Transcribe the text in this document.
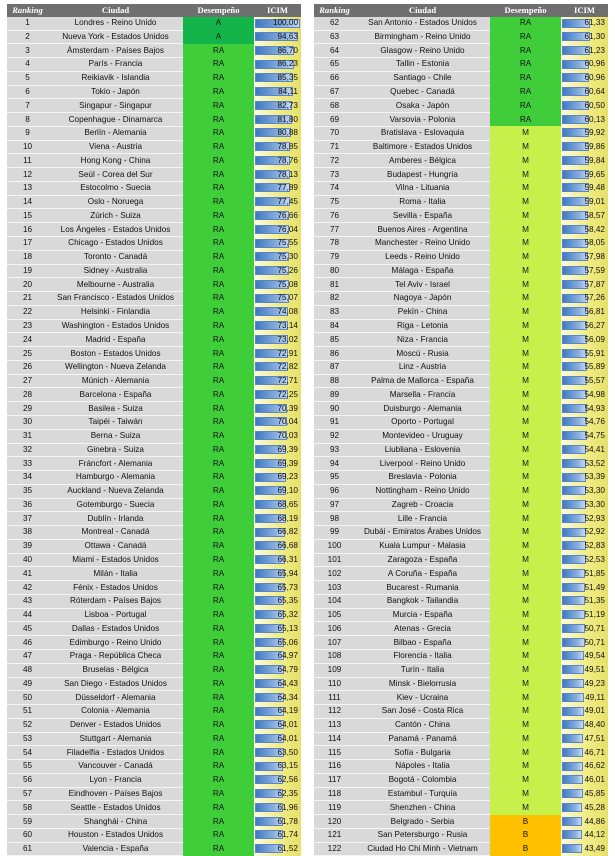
Ranking	Ciudad	Desempeño	ICIM
1	Londres - Reino Unido	A	100,00
2	Nueva York - Estados Unidos	A	94,63
3	Ámsterdam - Países Bajos	RA	86,70
4	París - Francia	RA	86,23
5	Reikiavik - Islandia	RA	85,35
6	Tokio - Japón	RA	84,11
7	Singapur - Singapur	RA	82,73
8	Copenhague - Dinamarca	RA	81,80
9	Berlín - Alemania	RA	80,88
10	Viena - Austria	RA	78,85
11	Hong Kong - China	RA	78,76
12	Seúl - Corea del Sur	RA	78,13
13	Estocolmo - Suecia	RA	77,89
14	Oslo - Noruega	RA	77,45
15	Zúrich - Suiza	RA	76,66
16	Los Ángeles - Estados Unidos	RA	76,04
17	Chicago - Estados Unidos	RA	75,55
18	Toronto - Canadá	RA	75,30
19	Sidney - Australia	RA	75,26
20	Melbourne - Australia	RA	75,08
21	San Francisco - Estados Unidos	RA	75,07
22	Helsinki - Finlandia	RA	74,08
23	Washington - Estados Unidos	RA	73,14
24	Madrid - España	RA	73,02
25	Boston - Estados Unidos	RA	72,91
26	Wellington - Nueva Zelanda	RA	72,82
27	Múnich - Alemania	RA	72,71
28	Barcelona - España	RA	72,25
29	Basilea - Suiza	RA	70,39
30	Taipéi - Taiwán	RA	70,04
31	Berna - Suiza	RA	70,03
32	Ginebra - Suiza	RA	69,39
33	Fráncfort - Alemania	RA	69,39
34	Hamburgo - Alemania	RA	69,23
35	Auckland - Nueva Zelanda	RA	69,10
36	Gotemburgo - Suecia	RA	68,65
37	Dublín - Irlanda	RA	68,19
38	Montreal - Canadá	RA	66,82
39	Ottawa - Canadá	RA	66,68
40	Miami - Estados Unidos	RA	66,31
41	Milán - Italia	RA	65,94
42	Fénix - Estados Unidos	RA	65,73
43	Róterdam - Países Bajos	RA	65,35
44	Lisboa - Portugal	RA	65,32
45	Dallas - Estados Unidos	RA	65,13
46	Edimburgo - Reino Unido	RA	65,06
47	Praga - República Checa	RA	64,97
48	Bruselas - Bélgica	RA	64,79
49	San Diego - Estados Unidos	RA	64,43
50	Düsseldorf - Alemania	RA	64,34
51	Colonia - Alemania	RA	64,19
52	Denver - Estados Unidos	RA	64,01
53	Stuttgart - Alemania	RA	64,01
54	Filadelfia - Estados Unidos	RA	63,50
55	Vancouver - Canadá	RA	63,15
56	Lyon - Francia	RA	62,56
57	Eindhoven - Países Bajos	RA	62,35
58	Seattle - Estados Unidos	RA	61,96
59	Shanghái - China	RA	61,78
60	Houston - Estados Unidos	RA	61,74
61	Valencia - España	RA	61,52
Ranking	Ciudad	Desempeño	ICIM
62	San Antonio - Estados Unidos	RA	61,33
63	Birmingham - Reino Unido	RA	61,30
64	Glasgow - Reino Unido	RA	61,23
65	Tallin - Estonia	RA	60,96
66	Santiago - Chile	RA	60,96
67	Quebec - Canadá	RA	60,64
68	Osaka - Japón	RA	60,50
69	Varsovia - Polonia	RA	60,13
70	Bratislava - Eslovaquia	M	59,92
71	Baltimore - Estados Unidos	M	59,86
72	Amberes - Bélgica	M	59,84
73	Budapest - Hungría	M	59,65
74	Vilna - Lituania	M	59,48
75	Roma - Italia	M	59,01
76	Sevilla - España	M	58,57
77	Buenos Aires - Argentina	M	58,42
78	Manchester - Reino Unido	M	58,05
79	Leeds - Reino Unido	M	57,98
80	Málaga - España	M	57,59
81	Tel Aviv - Israel	M	57,87
82	Nagoya - Japón	M	57,26
83	Pekín - China	M	56,81
84	Riga - Letonia	M	56,27
85	Niza - Francia	M	56,09
86	Moscú - Rusia	M	55,91
87	Linz - Austria	M	55,89
88	Palma de Mallorca - España	M	55,57
89	Marsella - Francia	M	54,98
90	Duisburgo - Alemania	M	54,93
91	Oporto - Portugal	M	54,76
92	Montevideo - Uruguay	M	54,75
93	Liubliana - Eslovenia	M	54,41
94	Liverpool - Reino Unido	M	53,52
95	Breslavia - Polonia	M	53,39
96	Nottingham - Reino Unido	M	53,30
97	Zagreb - Croacia	M	53,30
98	Lille - Francia	M	52,93
99	Dubái - Emiratos Árabes Unidos	M	52,92
100	Kuala Lumpur - Malasia	M	52,83
101	Zaragoza - España	M	52,53
102	A Coruña - España	M	51,85
103	Bucarest - Rumania	M	51,49
104	Bangkok - Tailandia	M	51,35
105	Murcia - España	M	51,19
106	Atenas - Grecia	M	50,71
107	Bilbao - España	M	50,71
108	Florencia - Italia	M	49,54
109	Turín - Italia	M	49,51
110	Minsk - Bielorrusia	M	49,23
111	Kiev - Ucraina	M	49,11
112	San José - Costa Rica	M	49,01
113	Cantón - China	M	48,40
114	Panamá - Panamá	M	47,51
115	Sofía - Bulgaria	M	46,71
116	Nápoles - Italia	M	46,62
117	Bogotá - Colombia	M	46,01
118	Estambul - Turquía	M	45,85
119	Shenzhen - China	M	45,28
120	Belgrado - Serbia	B	44,86
121	San Petersburgo - Rusia	B	44,12
122	Ciudad Ho Chi Minh - Vietnam	B	43,49
